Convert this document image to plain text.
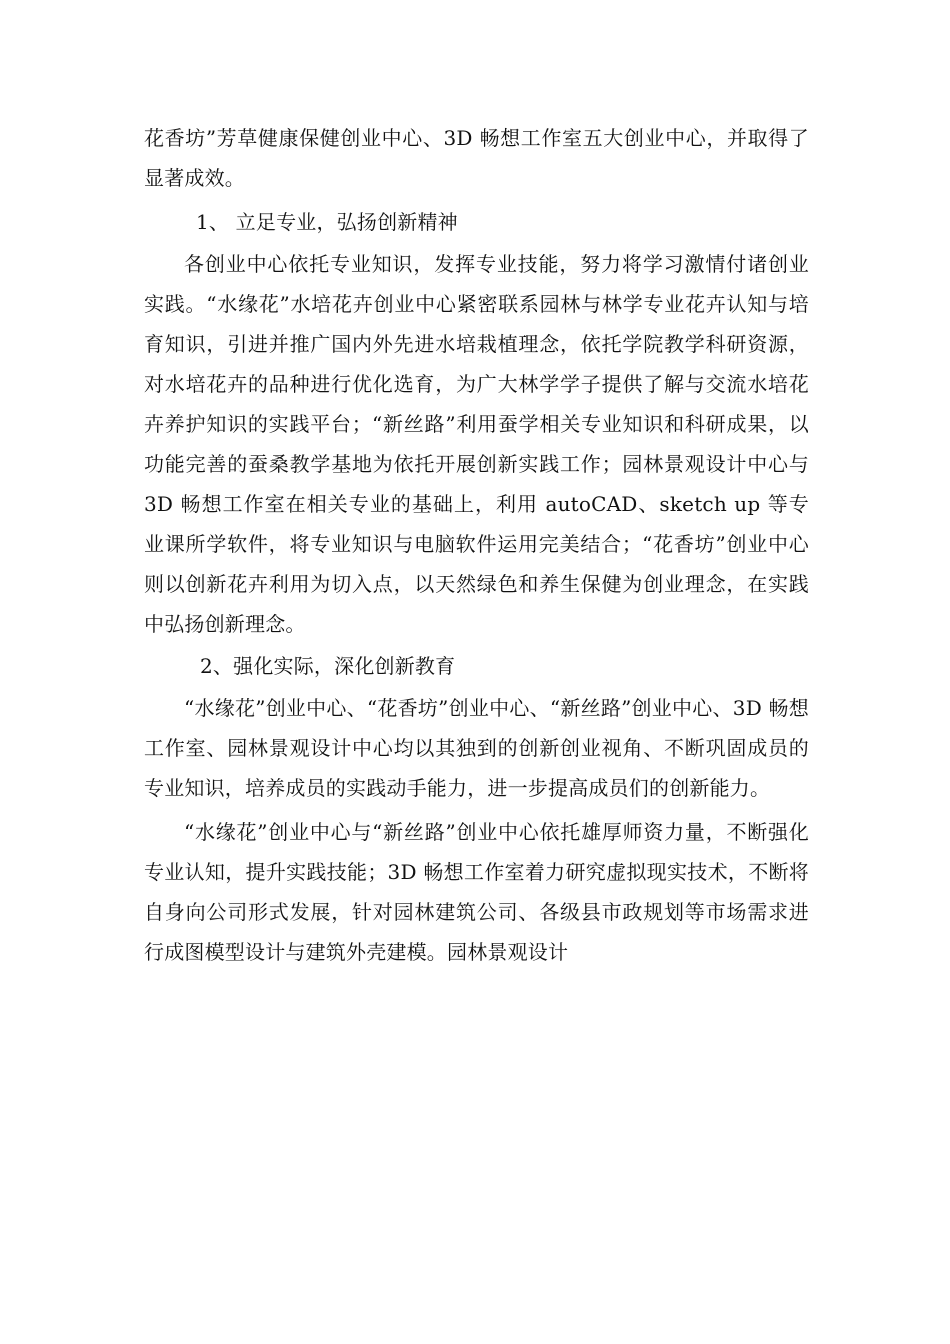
花香坊”芳草健康保健创业中心、3D 畅想工作室五大创业中心，并取得了显著成效。

1、 立足专业，弘扬创新精神

各创业中心依托专业知识，发挥专业技能，努力将学习激情付诸创业实践。“水缘花”水培花卉创业中心紧密联系园林与林学专业花卉认知与培育知识，引进并推广国内外先进水培栽植理念，依托学院教学科研资源，对水培花卉的品种进行优化选育，为广大林学学子提供了解与交流水培花卉养护知识的实践平台；“新丝路”利用蚕学相关专业知识和科研成果，以功能完善的蚕桑教学基地为依托开展创新实践工作；园林景观设计中心与 3D 畅想工作室在相关专业的基础上，利用 autoCAD、sketch up 等专业课所学软件，将专业知识与电脑软件运用完美结合；“花香坊”创业中心则以创新花卉利用为切入点，以天然绿色和养生保健为创业理念，在实践中弘扬创新理念。

2、强化实际，深化创新教育

“水缘花”创业中心、“花香坊”创业中心、“新丝路”创业中心、3D 畅想工作室、园林景观设计中心均以其独到的创新创业视角、不断巩固成员的专业知识，培养成员的实践动手能力，进一步提高成员们的创新能力。

“水缘花”创业中心与“新丝路”创业中心依托雄厚师资力量，不断强化专业认知，提升实践技能；3D 畅想工作室着力研究虚拟现实技术，不断将自身向公司形式发展，针对园林建筑公司、各级县市政规划等市场需求进行成图模型设计与建筑外壳建模。园林景观设计
